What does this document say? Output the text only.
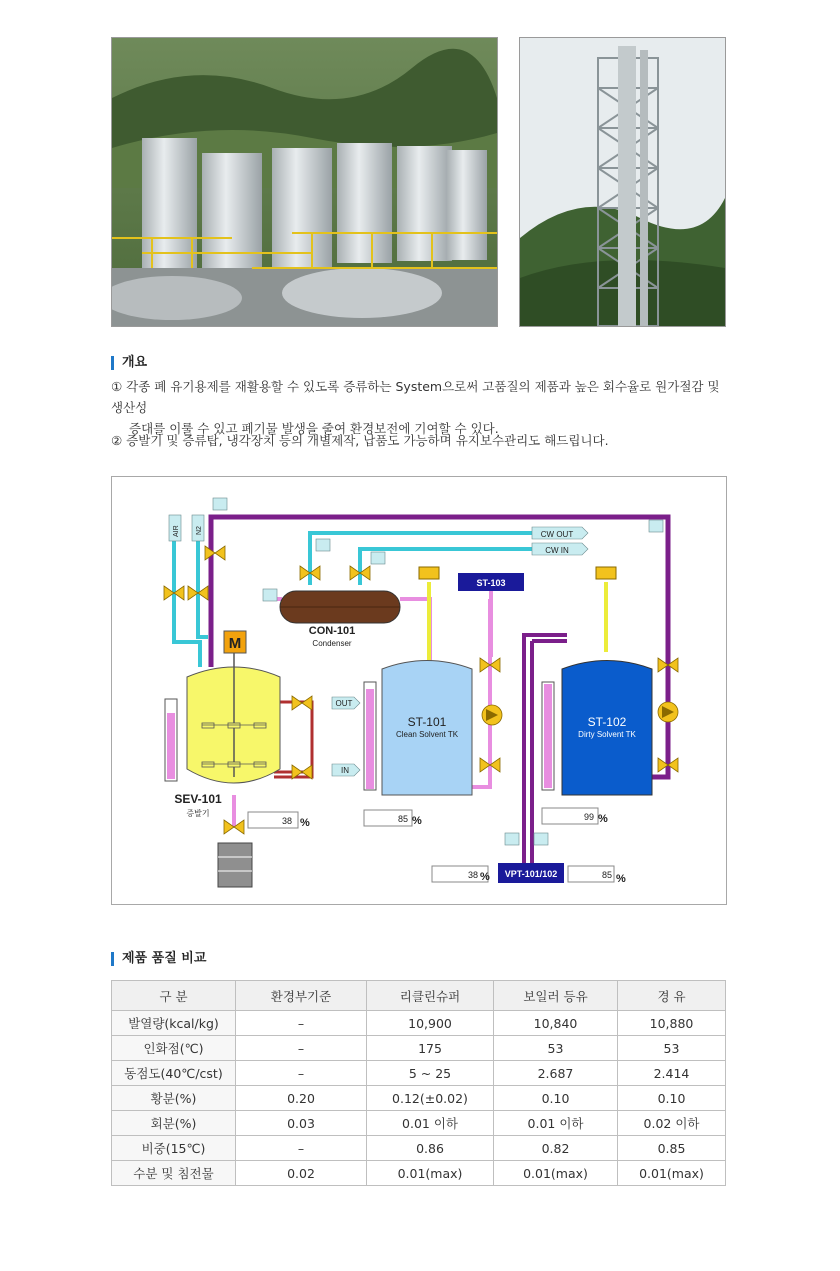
개요
① 각종 폐 유기용제를 재활용할 수 있도록 증류하는 System으로써 고품질의 제품과 높은 회수율로 원가절감 및 생산성
증대를 이룰 수 있고 폐기물 발생을 줄여 환경보전에 기여할 수 있다.
② 증발기 및 증류탑, 냉각장치 등의 개별제작, 납품도 가능하며 유지보수관리도 해드립니다.
M
CON-101
Condenser
ST-101
Clean Solvent TK
ST-102
Dirty Solvent TK
ST-103
CW OUT
CW IN
AIR N2
OUT
IN
SEV-101
증발기
VPT-101/102
38 %	85 %	99 %
38 %	85 %
제품 품질 비교
구 분	환경부기준	리클린슈퍼	보일러 등유	경 유
발열량(kcal/kg)	–	10,900	10,840	10,880
인화점(℃)	–	175	53	53
동점도(40℃/cst)	–	5 ~ 25	2.687	2.414
황분(%)	0.20	0.12(±0.02)	0.10	0.10
회분(%)	0.03	0.01 이하	0.01 이하	0.02 이하
비중(15℃)	–	0.86	0.82	0.85
수분 및 침전물	0.02	0.01(max)	0.01(max)	0.01(max)
